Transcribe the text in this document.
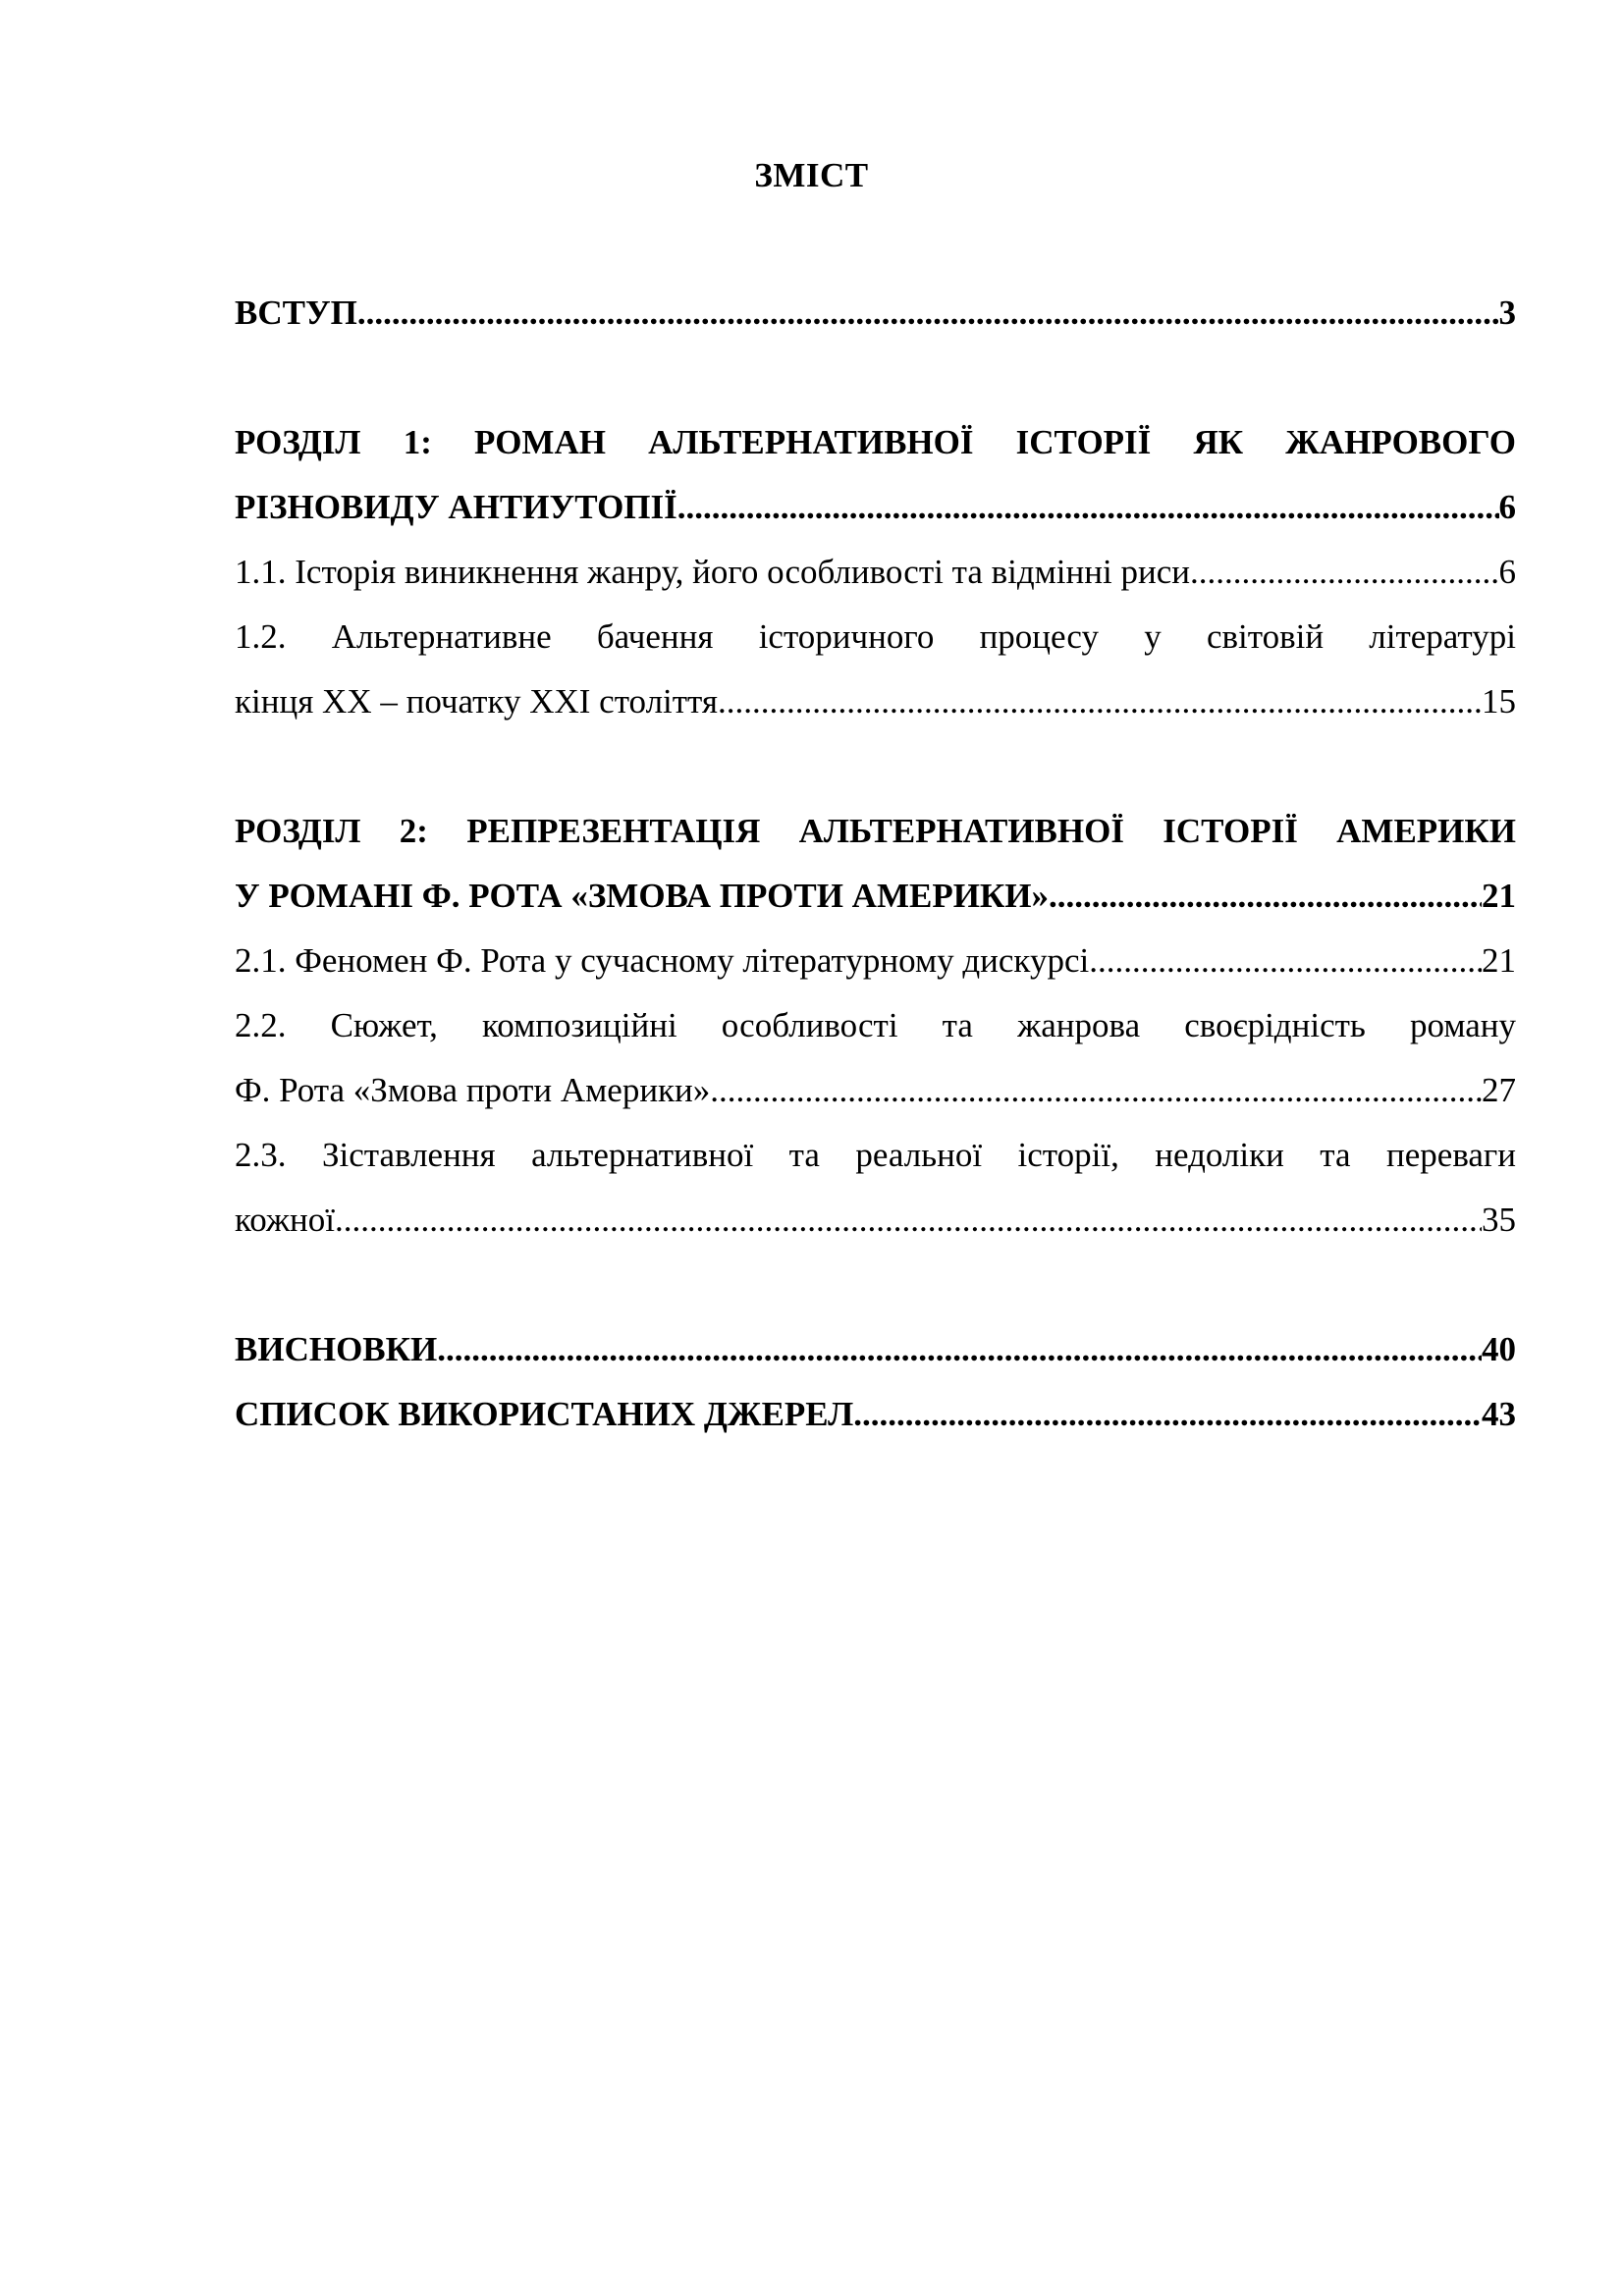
ЗМІСТ
ВСТУП .....	3
РОЗДІЛ 1: РОМАН АЛЬТЕРНАТИВНОЇ ІСТОРІЇ ЯК ЖАНРОВОГО
РІЗНОВИДУ АНТИУТОПІЇ .....	6
1.1. Історія виникнення жанру, його особливості та відмінні риси .....	6
1.2. Альтернативне бачення історичного процесу у світовій літературі
кінця ХХ – початку ХХІ століття .....	15
РОЗДІЛ 2: РЕПРЕЗЕНТАЦІЯ АЛЬТЕРНАТИВНОЇ ІСТОРІЇ АМЕРИКИ
У РОМАНІ Ф. РОТА «ЗМОВА ПРОТИ АМЕРИКИ» .....	21
2.1. Феномен Ф. Рота у сучасному літературному дискурсі .....	21
2.2. Сюжет, композиційні особливості та жанрова своєрідність роману
Ф. Рота «Змова проти Америки» .....	27
2.3. Зіставлення альтернативної та реальної історії, недоліки та переваги
кожної .....	35
ВИСНОВКИ .....	40
СПИСОК ВИКОРИСТАНИХ ДЖЕРЕЛ .....	43
